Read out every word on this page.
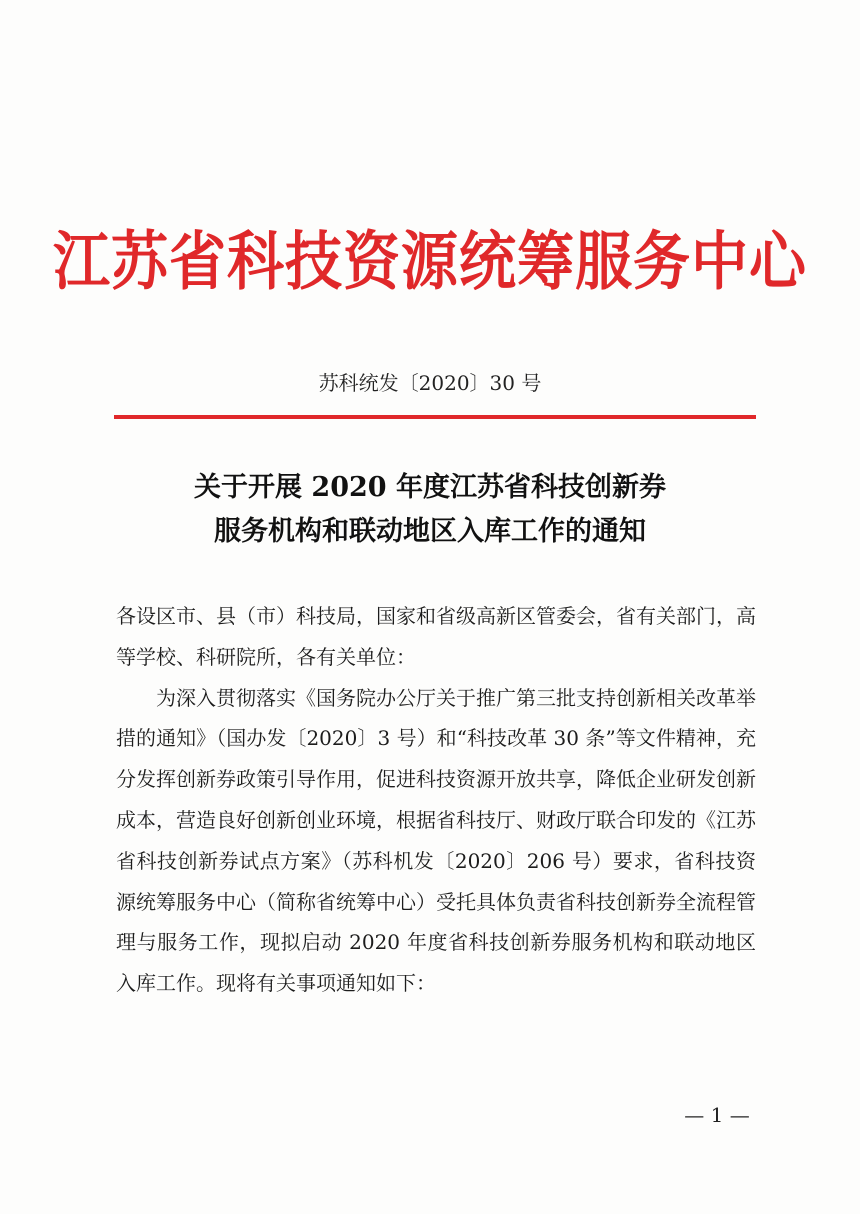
江苏省科技资源统筹服务中心
苏科统发〔2020〕30 号
关于开展 2020 年度江苏省科技创新券
服务机构和联动地区入库工作的通知

各设区市、县（市）科技局，国家和省级高新区管委会，省有关部门，高等学校、科研院所，各有关单位：

为深入贯彻落实《国务院办公厅关于推广第三批支持创新相关改革举措的通知》（国办发〔2020〕3 号）和“科技改革 30 条”等文件精神，充分发挥创新券政策引导作用，促进科技资源开放共享，降低企业研发创新成本，营造良好创新创业环境，根据省科技厅、财政厅联合印发的《江苏省科技创新券试点方案》（苏科机发〔2020〕206 号）要求，省科技资源统筹服务中心（简称省统筹中心）受托具体负责省科技创新券全流程管理与服务工作，现拟启动 2020 年度省科技创新券服务机构和联动地区入库工作。现将有关事项通知如下：

— 1 —
